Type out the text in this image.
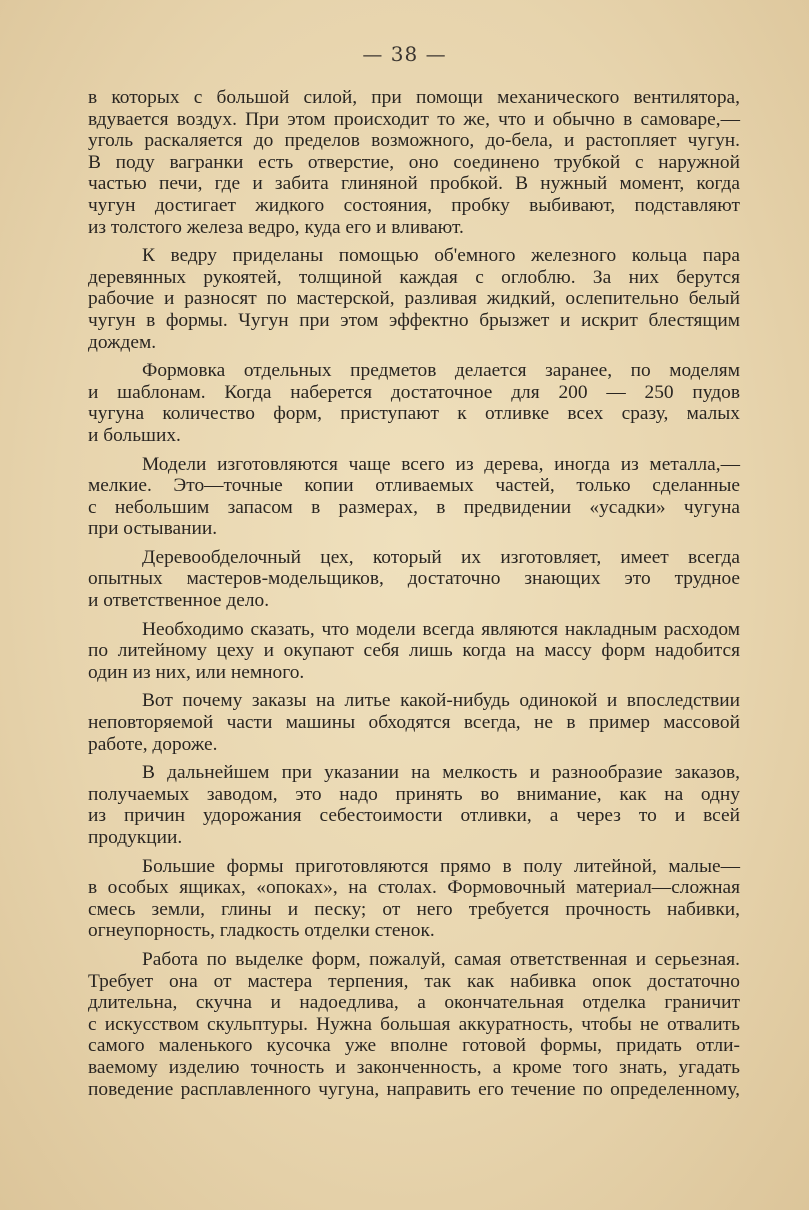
— 38 —
в которых с большой силой, при помощи механического вентилятора,
вдувается воздух. При этом происходит то же, что и обычно в самоваре,—
уголь раскаляется до пределов возможного, до-бела, и растопляет чугун.
В поду вагранки есть отверстие, оно соединено трубкой с наружной
частью печи, где и забита глиняной пробкой. В нужный момент, когда
чугун достигает жидкого состояния, пробку выбивают, подставляют
из толстого железа ведро, куда его и вливают.
К ведру приделаны помощью об'емного железного кольца пара
деревянных рукоятей, толщиной каждая с оглоблю. За них берутся
рабочие и разносят по мастерской, разливая жидкий, ослепительно белый
чугун в формы. Чугун при этом эффектно брызжет и искрит блестящим
дождем.
Формовка отдельных предметов делается заранее, по моделям
и шаблонам. Когда наберется достаточное для 200 — 250 пудов
чугуна количество форм, приступают к отливке всех сразу, малых
и больших.
Модели изготовляются чаще всего из дерева, иногда из металла,—
мелкие. Это—точные копии отливаемых частей, только сделанные
с небольшим запасом в размерах, в предвидении «усадки» чугуна
при остывании.
Деревообделочный цех, который их изготовляет, имеет всегда
опытных мастеров-модельщиков, достаточно знающих это трудное
и ответственное дело.
Необходимо сказать, что модели всегда являются накладным расходом
по литейному цеху и окупают себя лишь когда на массу форм надобится
один из них, или немного.
Вот почему заказы на литье какой-нибудь одинокой и впоследствии
неповторяемой части машины обходятся всегда, не в пример массовой
работе, дороже.
В дальнейшем при указании на мелкость и разнообразие заказов,
получаемых заводом, это надо принять во внимание, как на одну
из причин удорожания себестоимости отливки, а через то и всей
продукции.
Большие формы приготовляются прямо в полу литейной, малые—
в особых ящиках, «опоках», на столах. Формовочный материал—сложная
смесь земли, глины и песку; от него требуется прочность набивки,
огнеупорность, гладкость отделки стенок.
Работа по выделке форм, пожалуй, самая ответственная и серьезная.
Требует она от мастера терпения, так как набивка опок достаточно
длительна, скучна и надоедлива, а окончательная отделка граничит
с искусством скульптуры. Нужна большая аккуратность, чтобы не отвалить
самого маленького кусочка уже вполне готовой формы, придать отли-
ваемому изделию точность и законченность, а кроме того знать, угадать
поведение расплавленного чугуна, направить его течение по определенному,
